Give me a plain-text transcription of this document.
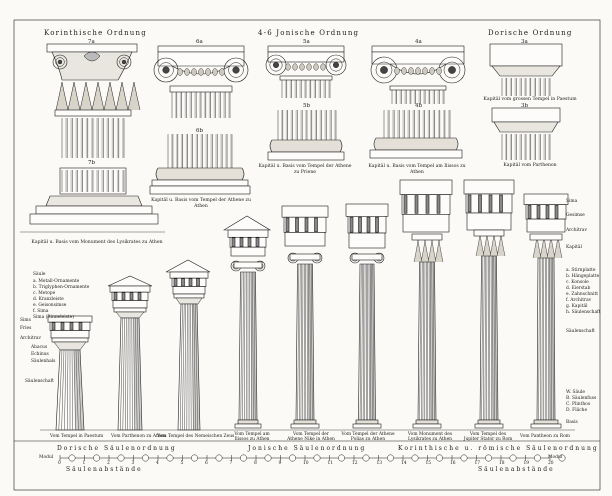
Korinthische Ordnung	4-6 Jonische Ordnung	Dorische Ordnung
7a	6a	5a	4a	3a
7b
6b
5b	4b	3b
Kapitäl vom grossen Tempel in Paestum
Kapitäl vom Parthenon
Kapitäl u. Basis vom Tempel der Athene zu Priene
Kapitäl u. Basis vom Tempel am Ilissos zu Athen
Kapitäl u. Basis vom Tempel der Athene zu Athen
Kapitäl u. Basis vom Monument des Lysikrates zu Athen
Säule
a. Metall-Ornamente
b. Triglyphen-Ornamente
c. Metope
d. Kranzleiste
e. Geisonsimse
f. Sima
Sima (Rinneleiste)
Sims
Fries
Architrav
Abacus
Echinus
Säulenhals
Säulenschaft
Sima
Gesimse
Architrav
Kapitäl
Säulenschaft
Basis
a. Stirnplatte
b. Hängeplatte
c. Konsole
d. Eierstab
e. Zahnschnitt
f. Architrav
g. Kapitäl
h. Säulenschaft
W. Säule
B. Säulenfuss
C. Plinthos
D. Fläche
Vom Tempel in Paestum Vom Parthenon zu Athen
Vom Tempel des Nemeischen Zeus Vom Tempel am Ilissos zu Athen
Vom Tempel der Athene Nike in Athen
Vom Tempel der Athene Polias zu Athen
Vom Monument des Lysikrates zu Athen
Vom Tempel des Jupiter Stator zu Rom
Vom Pantheon zu Rom
Dorische Säulenordnung	Jonische Säulenordnung	Korinthische u. römische Säulenordnung
Säulenabstände	Säulenabstände
Modul	Modul
0	1	2	3	4	5	6	7	8	9	10	11	12	13	14	15	16	17	18	19	20
